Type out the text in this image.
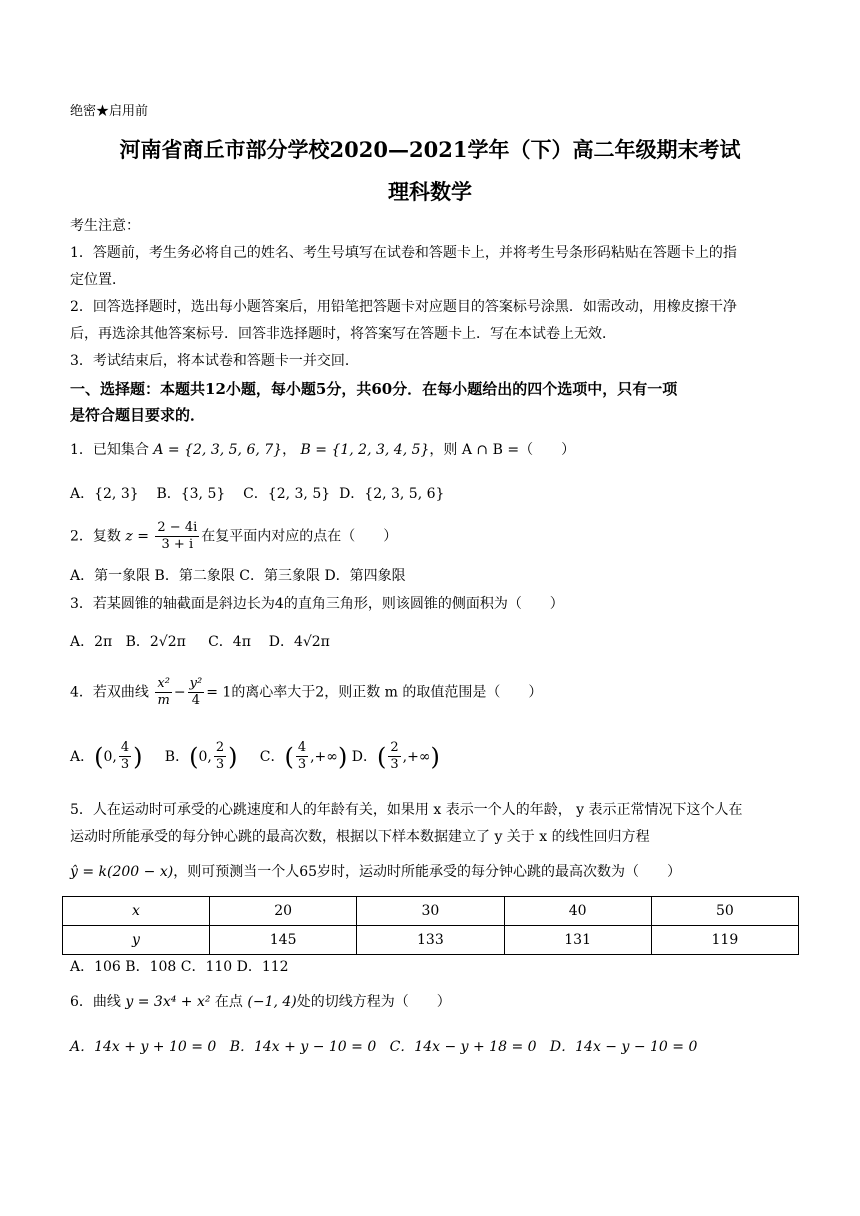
绝密★启用前
河南省商丘市部分学校2020—2021学年（下）高二年级期末考试
理科数学
考生注意：
1．答题前，考生务必将自己的姓名、考生号填写在试卷和答题卡上，并将考生号条形码粘贴在答题卡上的指
定位置．
2．回答选择题时，选出每小题答案后，用铅笔把答题卡对应题目的答案标号涂黑．如需改动，用橡皮擦干净
后，再选涂其他答案标号．回答非选择题时，将答案写在答题卡上．写在本试卷上无效．
3．考试结束后，将本试卷和答题卡一并交回．
一、选择题：本题共12小题，每小题5分，共60分．在每小题给出的四个选项中，只有一项
是符合题目要求的．
1．已知集合 A = {2, 3, 5, 6, 7}， B = {1, 2, 3, 4, 5}，则 A ∩ B =（　　）
A．{2, 3} B．{3, 5} C．{2, 3, 5} D．{2, 3, 5, 6}
2．复数 $z = \frac{2 - 4i}{3 + i}$ 在复平面内对应的点在（　　）
A．第一象限 B．第二象限 C．第三象限 D．第四象限
3．若某圆锥的轴截面是斜边长为4的直角三角形，则该圆锥的侧面积为（　　）
A．2π B．2√2π C．4π D．4√2π
4．若双曲线 $\frac{\text{x²}}{m} - \frac{\text{y²}}{4} = 1$的离心率大于2，则正数 m 的取值范围是（　　）
A．(0, $\frac{4}{3}$ ) B．(0, $\frac{2}{3}$ ) C．( $\frac{4}{3}$ ,+∞) D．( $\frac{2}{3}$ ,+∞)
5．人在运动时可承受的心跳速度和人的年龄有关，如果用 x 表示一个人的年龄， y 表示正常情况下这个人在
运动时所能承受的每分钟心跳的最高次数，根据以下样本数据建立了 y 关于 x 的线性回归方程
ŷ = k(200 − x)，则可预测当一个人65岁时，运动时所能承受的每分钟心跳的最高次数为（　　）
x	20	30	40	50
y	145	133	131	119
A．106 B．108 C．110 D．112
6．曲线 y = 3x⁴ + x² 在点 (−1, 4)处的切线方程为（　　）
A．14x + y + 10 = 0 B．14x + y − 10 = 0 C．14x − y + 18 = 0 D．14x − y − 10 = 0
